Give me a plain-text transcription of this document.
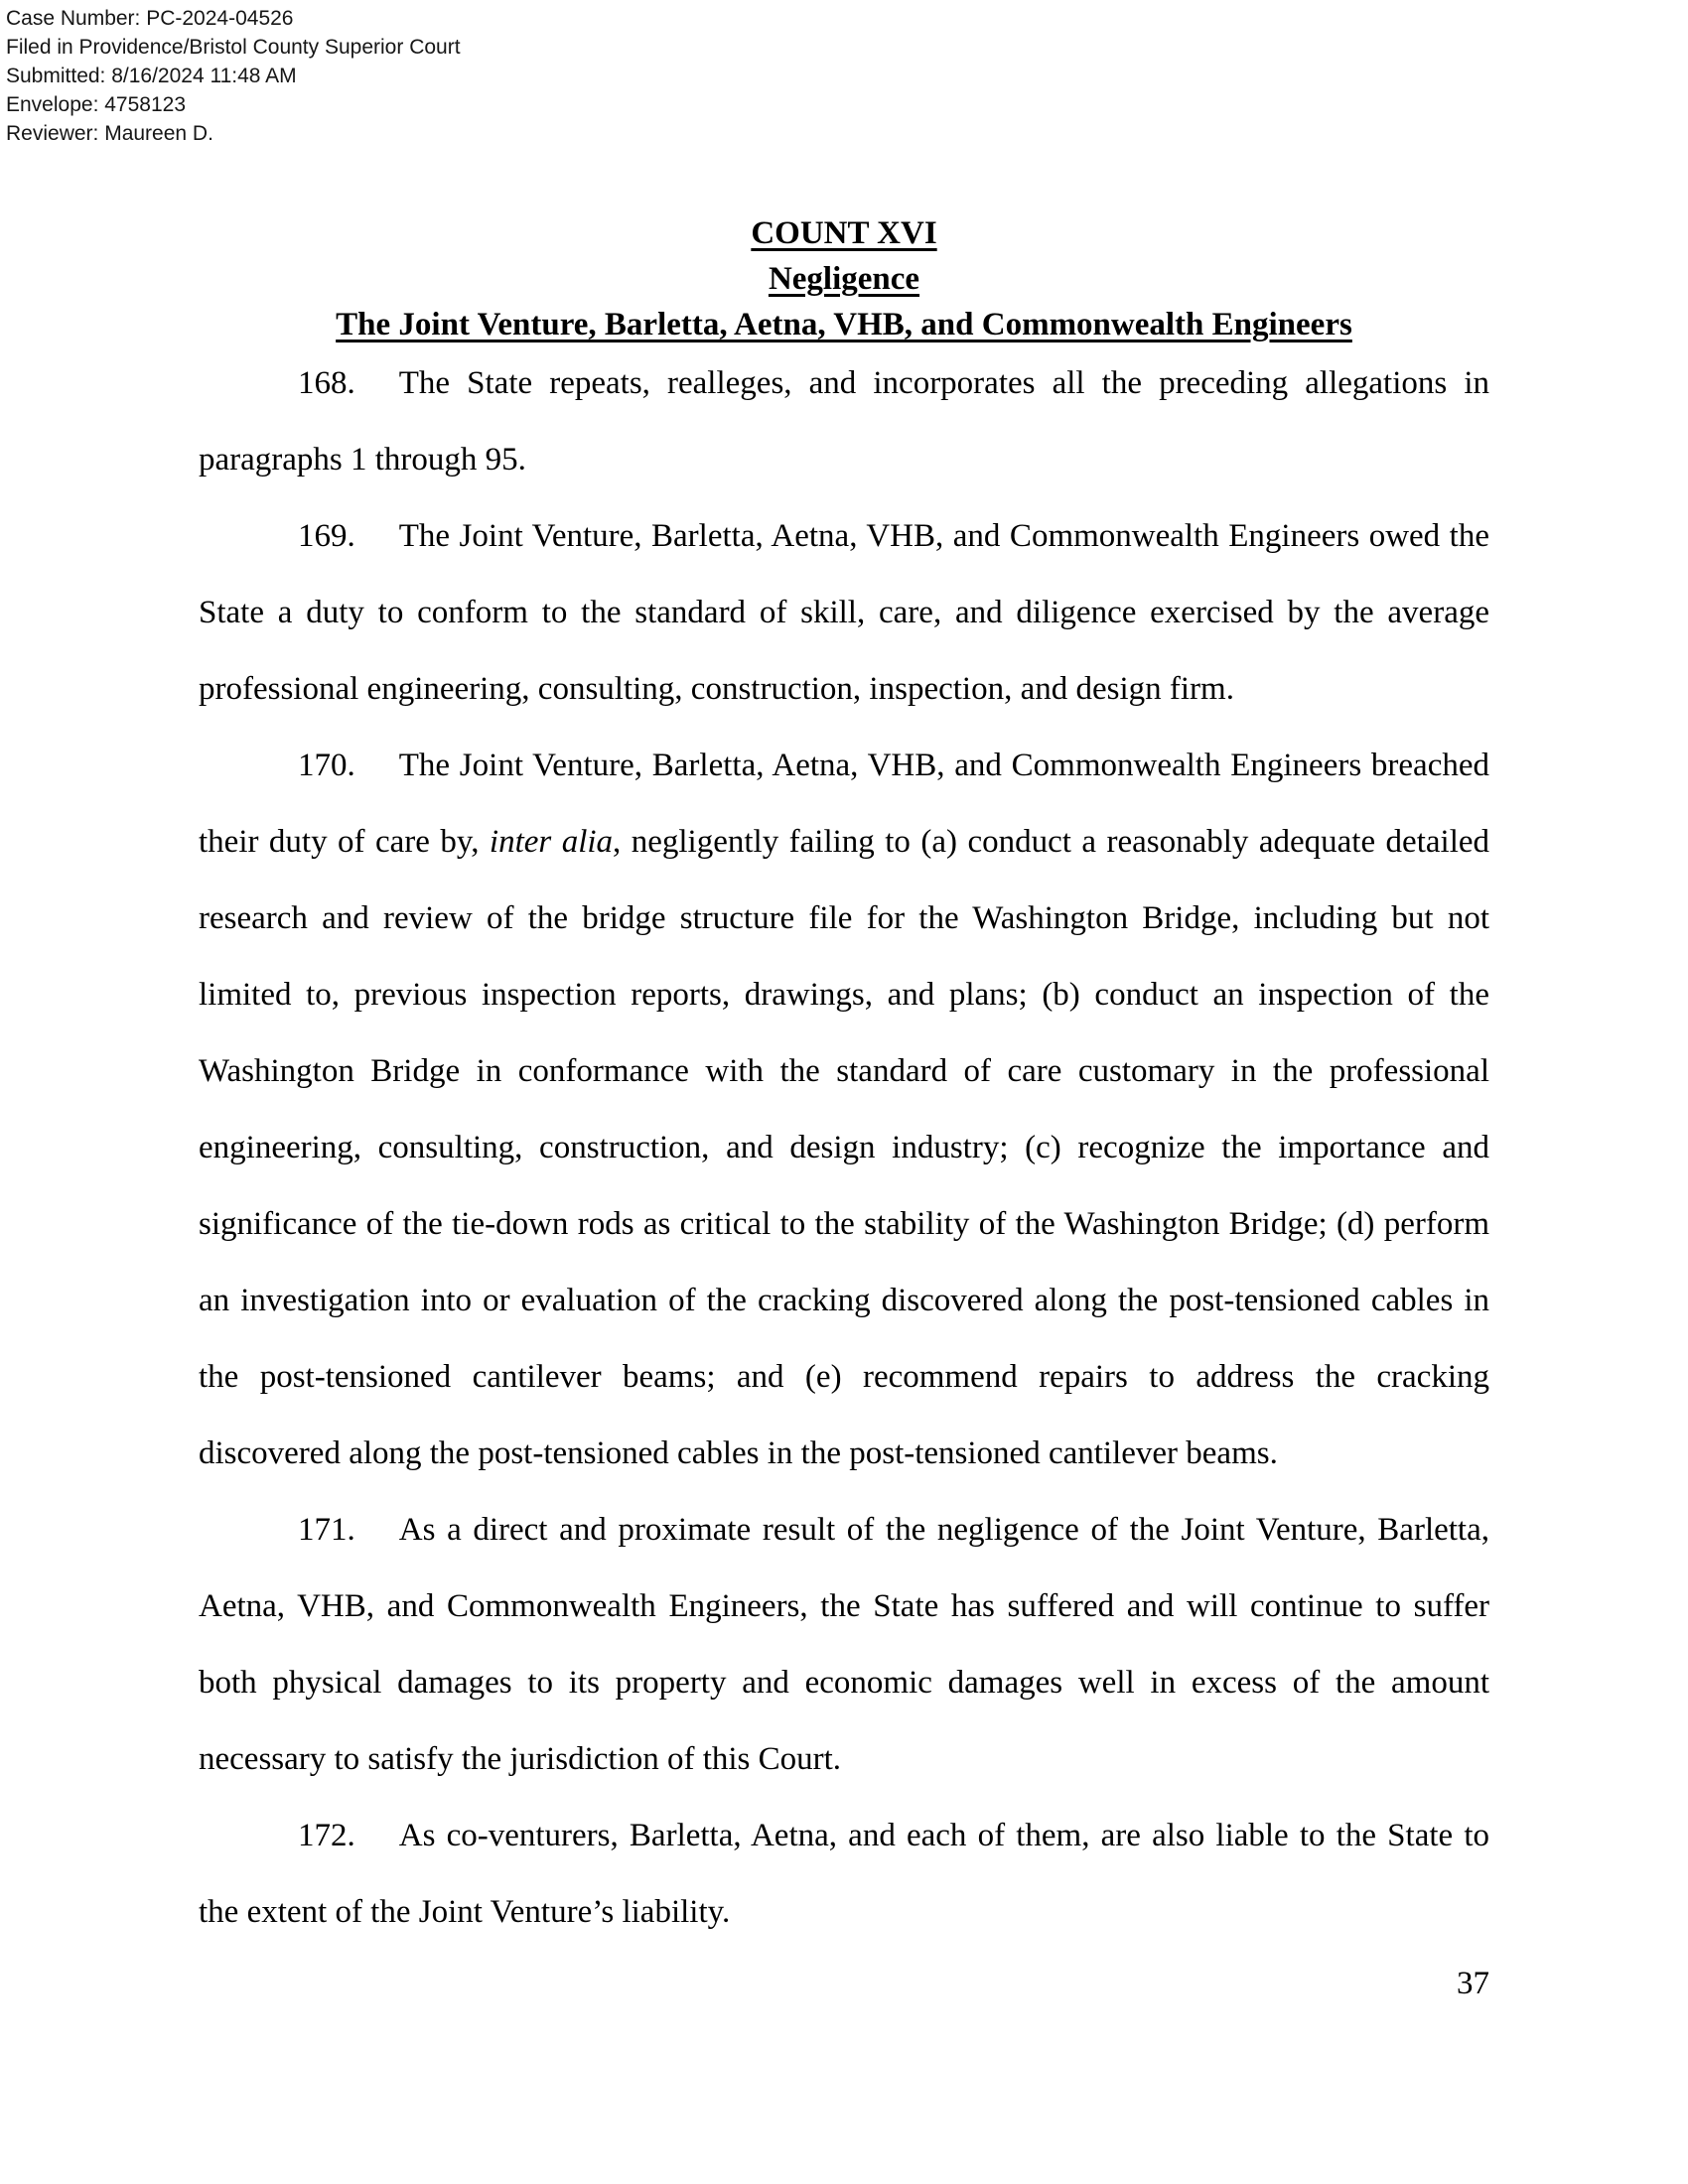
Case Number: PC-2024-04526
Filed in Providence/Bristol County Superior Court
Submitted: 8/16/2024 11:48 AM
Envelope: 4758123
Reviewer: Maureen D.
COUNT XVI
Negligence
The Joint Venture, Barletta, Aetna, VHB, and Commonwealth Engineers

168. The State repeats, realleges, and incorporates all the preceding allegations in paragraphs 1 through 95.

169. The Joint Venture, Barletta, Aetna, VHB, and Commonwealth Engineers owed the State a duty to conform to the standard of skill, care, and diligence exercised by the average professional engineering, consulting, construction, inspection, and design firm.

170. The Joint Venture, Barletta, Aetna, VHB, and Commonwealth Engineers breached their duty of care by, inter alia, negligently failing to (a) conduct a reasonably adequate detailed research and review of the bridge structure file for the Washington Bridge, including but not limited to, previous inspection reports, drawings, and plans; (b) conduct an inspection of the Washington Bridge in conformance with the standard of care customary in the professional engineering, consulting, construction, and design industry; (c) recognize the importance and significance of the tie-down rods as critical to the stability of the Washington Bridge; (d) perform an investigation into or evaluation of the cracking discovered along the post-tensioned cables in the post-tensioned cantilever beams; and (e) recommend repairs to address the cracking discovered along the post-tensioned cables in the post-tensioned cantilever beams.

171. As a direct and proximate result of the negligence of the Joint Venture, Barletta, Aetna, VHB, and Commonwealth Engineers, the State has suffered and will continue to suffer both physical damages to its property and economic damages well in excess of the amount necessary to satisfy the jurisdiction of this Court.

172. As co-venturers, Barletta, Aetna, and each of them, are also liable to the State to the extent of the Joint Venture’s liability.

37
